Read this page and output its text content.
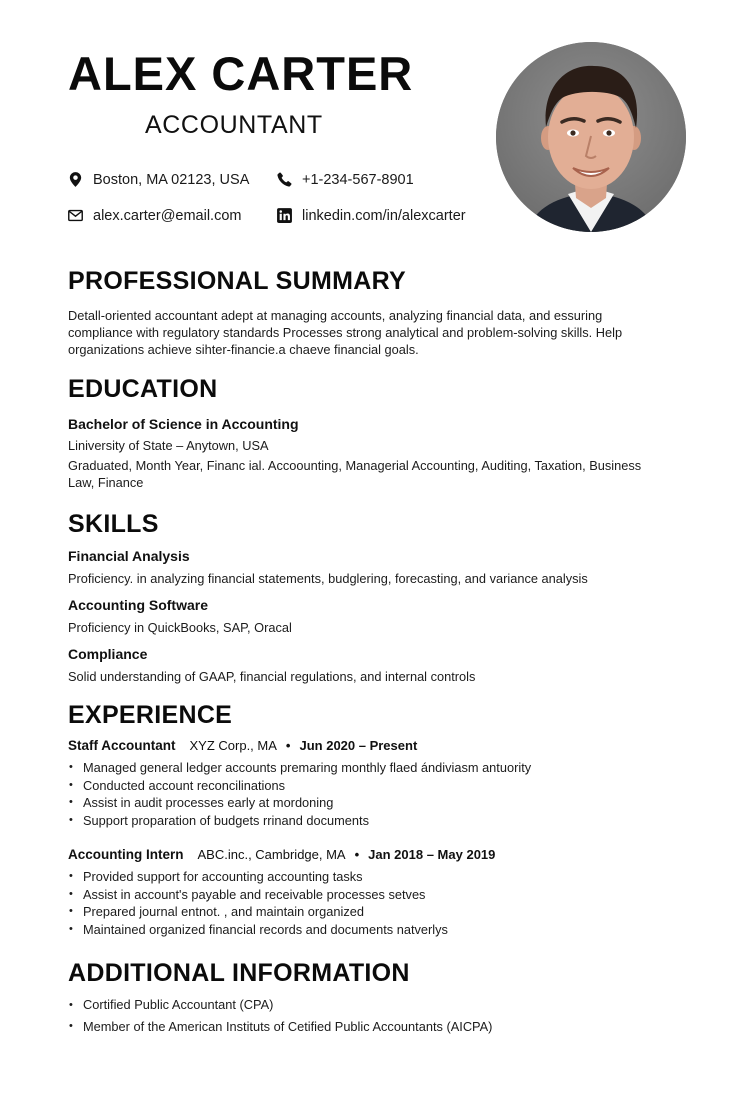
ALEX CARTER
ACCOUNTANT
Boston, MA 02123, USA	+1-234-567-8901
alex.carter@email.com	linkedin.com/in/alexcarter
PROFESSIONAL SUMMARY
Detall-oriented accountant adept at managing accounts, analyzing financial data, and essuring
compliance with regulatory standards Processes strong analytical and problem-solving skills. Help
organizations achieve sihter-financie.a chaeve financial goals.
EDUCATION
Bachelor of Science in Accounting
Liniversity of State – Anytown, USA
Graduated, Month Year, Financ ial. Accoounting, Managerial Accounting, Auditing, Taxation, Business
Law, Finance
SKILLS
Financial Analysis
Proficiency. in analyzing financial statements, budglering, forecasting, and variance analysis
Accounting Software
Proficiency in QuickBooks, SAP, Oracal
Compliance
Solid understanding of GAAP, financial regulations, and internal controls
EXPERIENCE
Staff Accountant XYZ Corp., MA • Jun 2020 – Present
• Managed general ledger accounts premaring monthly flaed ándiviasm antuority
• Conducted account reconcilinations
• Assist in audit processes early at mordoning
• Support proparation of budgets rrinand documents
Accounting Intern ABC.inc., Cambridge, MA • Jan 2018 – May 2019
• Provided support for accounting accounting tasks
• Assist in account's payable and receivable processes setves
• Prepared journal entnot. , and maintain organized
• Maintained organized financial records and documents natverlys
ADDITIONAL INFORMATION
• Cortified Public Accountant (CPA)
• Member of the American Instituts of Cetified Public Accountants (AICPA)
